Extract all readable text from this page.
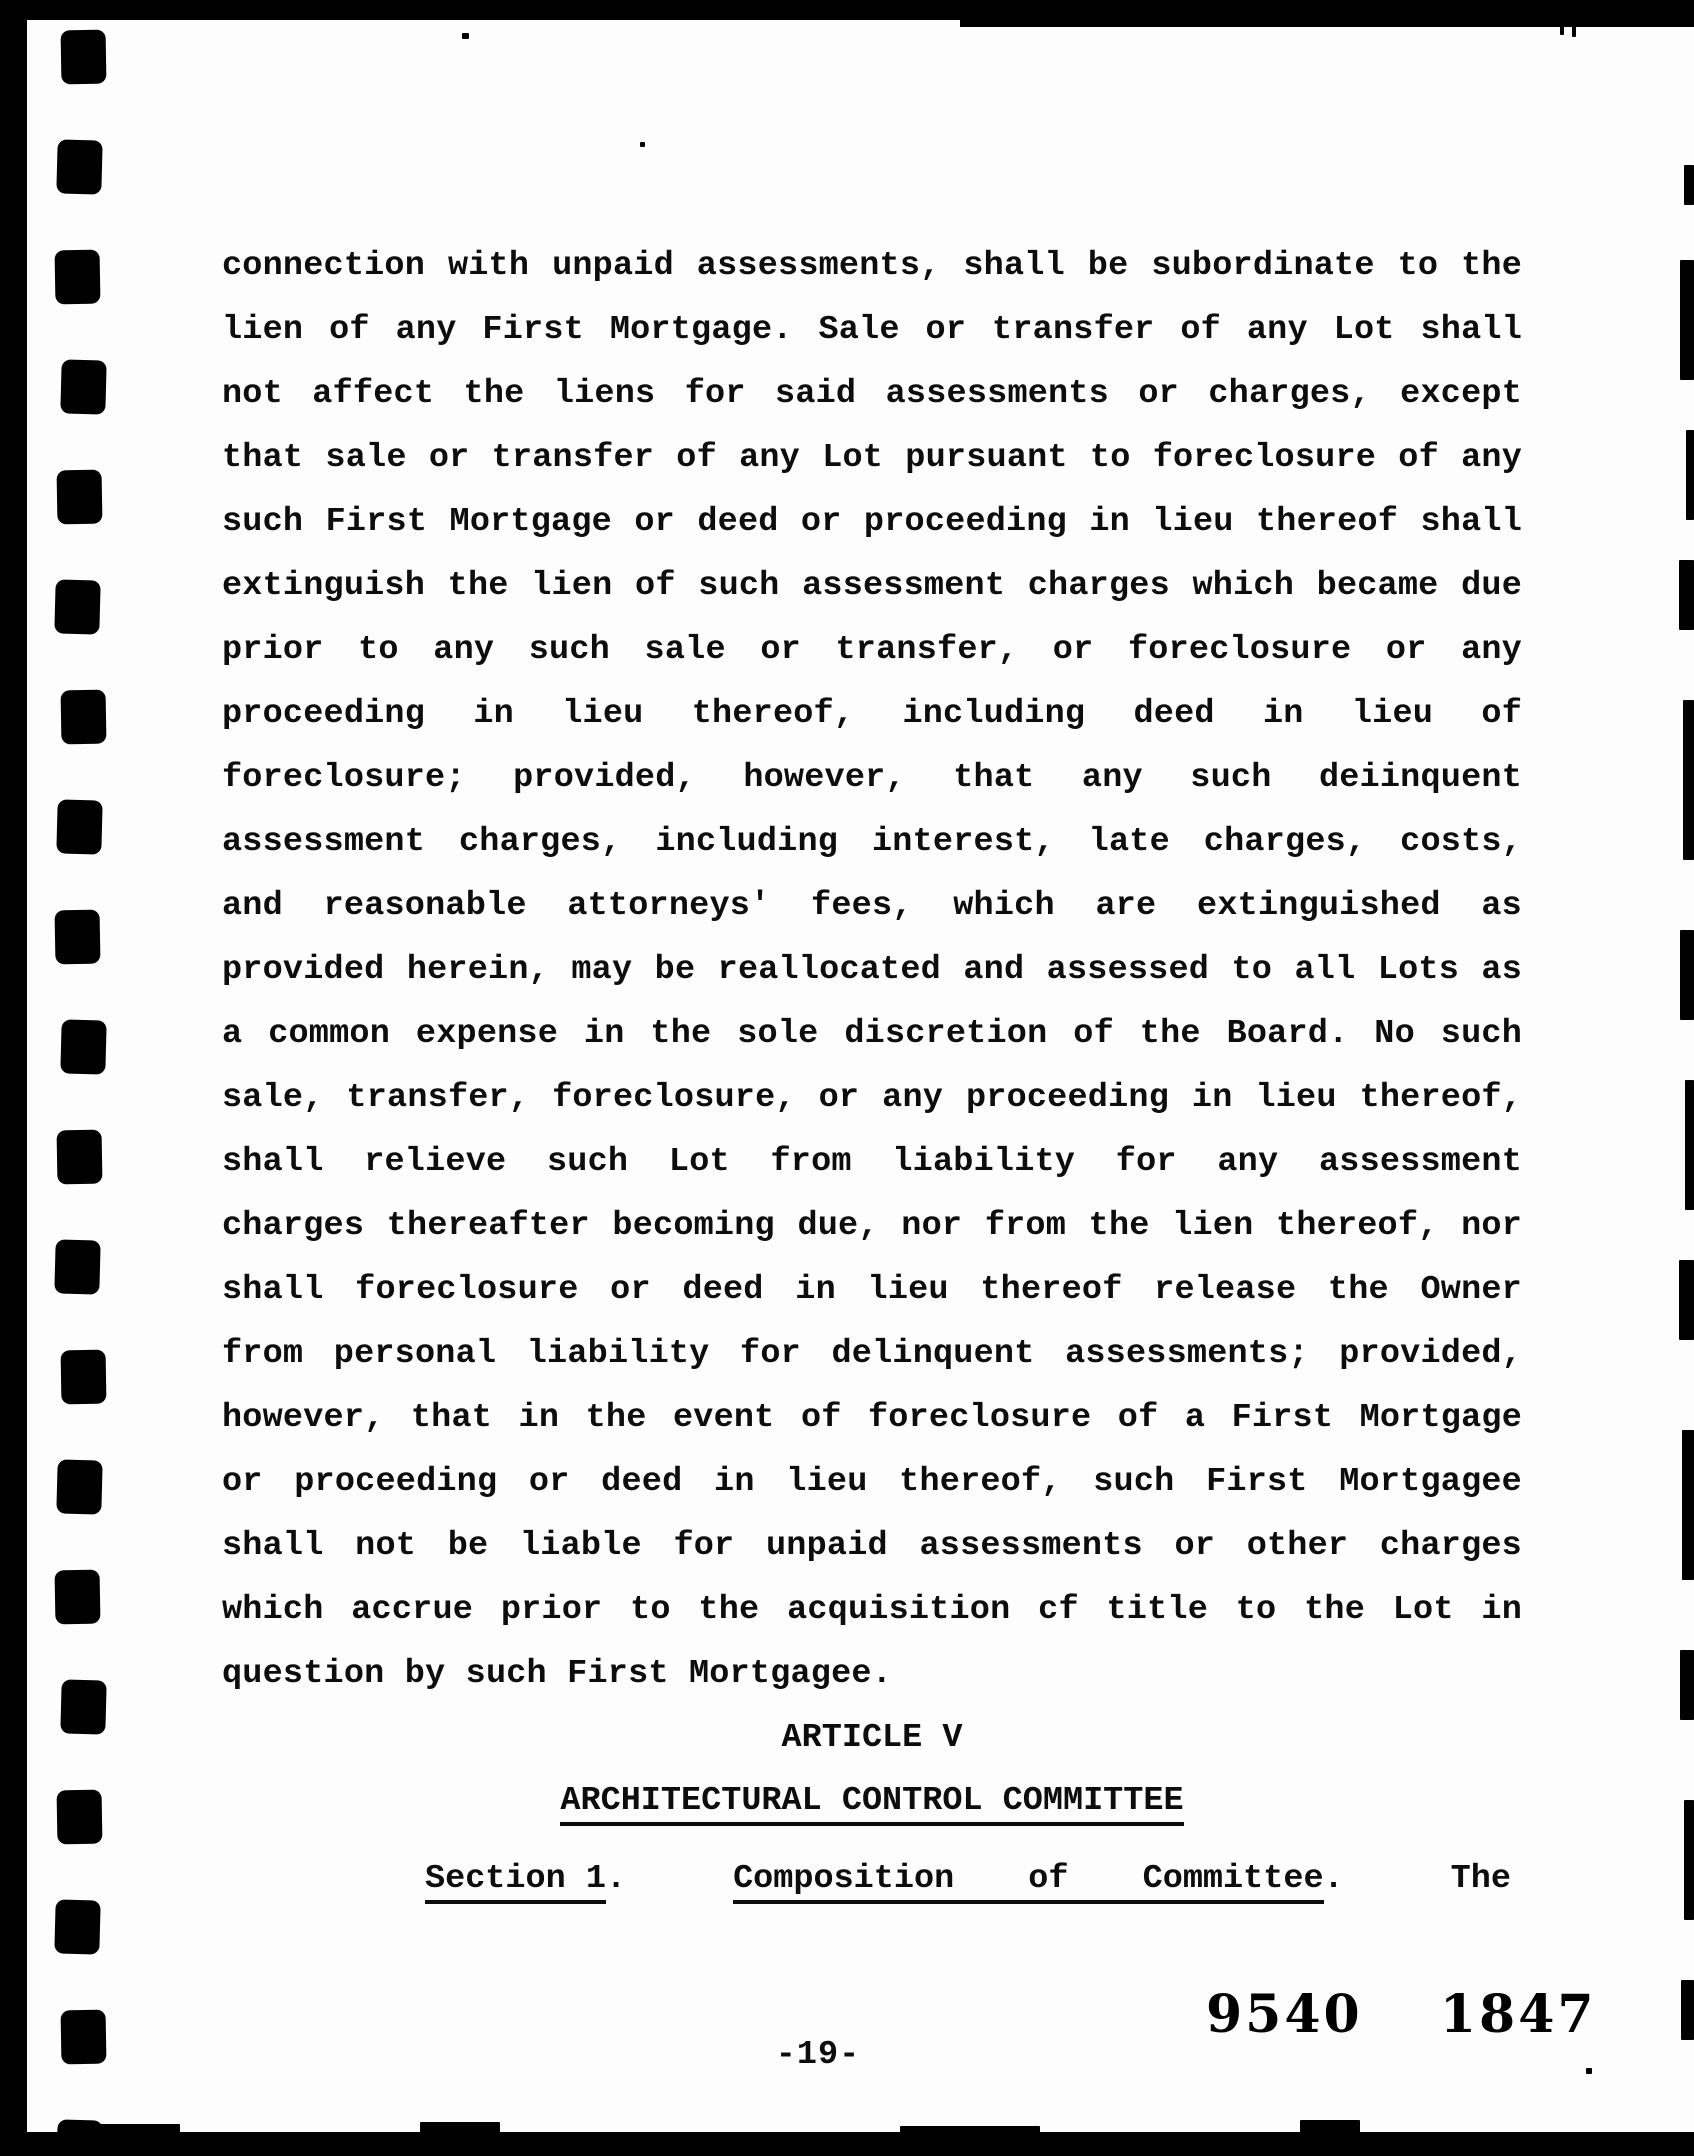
connection with unpaid assessments, shall be subordinate to the
lien of any First Mortgage. Sale or transfer of any Lot shall
not affect the liens for said assessments or charges, except
that sale or transfer of any Lot pursuant to foreclosure of any
such First Mortgage or deed or proceeding in lieu thereof shall
extinguish the lien of such assessment charges which became due
prior to any such sale or transfer, or foreclosure or any
proceeding in lieu thereof, including deed in lieu of
foreclosure; provided, however, that any such deiinquent
assessment charges, including interest, late charges, costs,
and reasonable attorneys' fees, which are extinguished as
provided herein, may be reallocated and assessed to all Lots as
a common expense in the sole discretion of the Board. No such
sale, transfer, foreclosure, or any proceeding in lieu thereof,
shall relieve such Lot from liability for any assessment
charges thereafter becoming due, nor from the lien thereof, nor
shall foreclosure or deed in lieu thereof release the Owner
from personal liability for delinquent assessments; provided,
however, that in the event of foreclosure of a First Mortgage
or proceeding or deed in lieu thereof, such First Mortgagee
shall not be liable for unpaid assessments or other charges
which accrue prior to the acquisition cf title to the Lot in
question by such First Mortgagee.
ARTICLE V
ARCHITECTURAL CONTROL COMMITTEE
Section 1.	Composition of Committee.	The
-19-
9540 1847
